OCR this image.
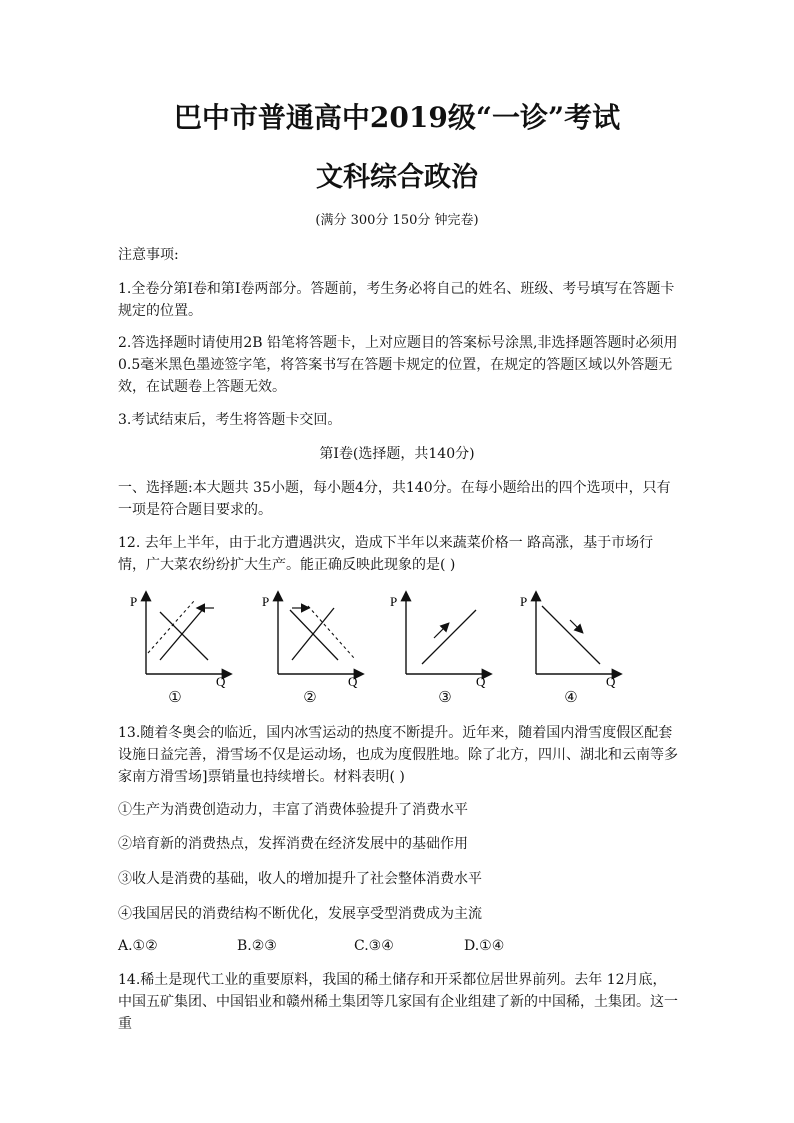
巴中市普通高中2019级“一诊”考试
文科综合政治
(满分 300分 150分 钟完卷)

注意事项:

1.全卷分第Ⅰ卷和第Ⅰ卷两部分。答题前，考生务必将自己的姓名、班级、考号填写在答题卡规定的位置。

2.答选择题时请使用2B 铅笔将答题卡，上对应题目的答案标号涂黑,非选择题答题时必须用0.5毫米黑色墨迹签字笔，将答案书写在答题卡规定的位置，在规定的答题区域以外答题无效，在试题卷上答题无效。

3.考试结束后，考生将答题卡交回。

第Ⅰ卷(选择题，共140分)

一、选择题:本大题共 35小题，每小题4分，共140分。在每小题给出的四个选项中，只有一项是符合题目要求的。

12. 去年上半年，由于北方遭遇洪灾，造成下半年以来蔬菜价格一 路高涨，基于市场行情，广大菜农纷纷扩大生产。能正确反映此现象的是( )

P
Q
①
P
Q
②
P
Q
③
P
Q
④

13.随着冬奥会的临近，国内冰雪运动的热度不断提升。近年来，随着国内滑雪度假区配套设施日益完善，滑雪场不仅是运动场，也成为度假胜地。除了北方，四川、湖北和云南等多家南方滑雪场]票销量也持续增长。材料表明( )

①生产为消费创造动力，丰富了消费体验提升了消费水平

②培育新的消费热点，发挥消费在经济发展中的基础作用

③收人是消费的基础，收人的增加提升了社会整体消费水平

④我国居民的消费结构不断优化，发展享受型消费成为主流

A.①②	B.②③	C.③④	D.①④

14.稀土是现代工业的重要原料，我国的稀土储存和开采都位居世界前列。去年 12月底，中国五矿集团、中国铝业和赣州稀土集团等几家国有企业组建了新的中国稀，土集团。这一重
